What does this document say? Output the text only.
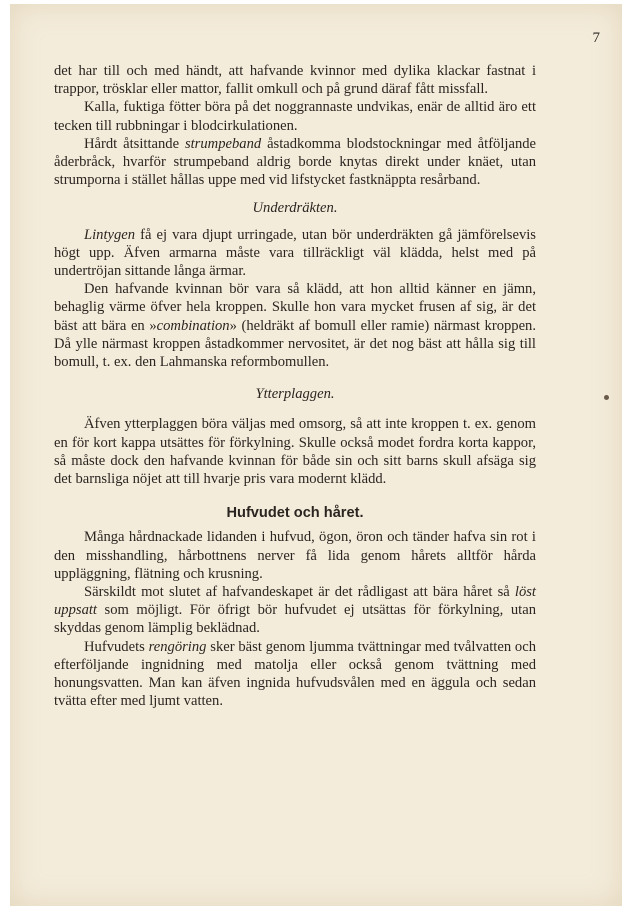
7

det har till och med händt, att hafvande kvinnor med dylika klackar fastnat i trappor, trösklar eller mattor, fallit omkull och på grund däraf fått missfall.

Kalla, fuktiga fötter böra på det noggrannaste undvikas, enär de alltid äro ett tecken till rubbningar i blodcirkulationen.

Hårdt åtsittande strumpeband åstadkomma blodstockningar med åtföljande åderbråck, hvarför strumpeband aldrig borde knytas direkt under knäet, utan strumporna i stället hållas uppe med vid lifstycket fastknäppta resårband.

Underdräkten.

Lintygen få ej vara djupt urringade, utan bör underdräkten gå jämförelsevis högt upp. Äfven armarna måste vara tillräckligt väl klädda, helst med på undertröjan sittande långa ärmar.

Den hafvande kvinnan bör vara så klädd, att hon alltid känner en jämn, behaglig värme öfver hela kroppen. Skulle hon vara mycket frusen af sig, är det bäst att bära en »combination» (heldräkt af bomull eller ramie) närmast kroppen. Då ylle närmast kroppen åstadkommer nervositet, är det nog bäst att hålla sig till bomull, t. ex. den Lahmanska reformbomullen.

Ytterplaggen.

Äfven ytterplaggen böra väljas med omsorg, så att inte kroppen t. ex. genom en för kort kappa utsättes för förkylning. Skulle också modet fordra korta kappor, så måste dock den hafvande kvinnan för både sin och sitt barns skull afsäga sig det barnsliga nöjet att till hvarje pris vara modernt klädd.

Hufvudet och håret.

Många hårdnackade lidanden i hufvud, ögon, öron och tänder hafva sin rot i den misshandling, hårbottnens nerver få lida genom hårets alltför hårda uppläggning, flätning och krusning.

Särskildt mot slutet af hafvandeskapet är det rådligast att bära håret så löst uppsatt som möjligt. För öfrigt bör hufvudet ej utsättas för förkylning, utan skyddas genom lämplig beklädnad.

Hufvudets rengöring sker bäst genom ljumma tvättningar med tvålvatten och efterföljande ingnidning med matolja eller också genom tvättning med honungsvatten. Man kan äfven ingnida hufvudsvålen med en äggula och sedan tvätta efter med ljumt vatten.
